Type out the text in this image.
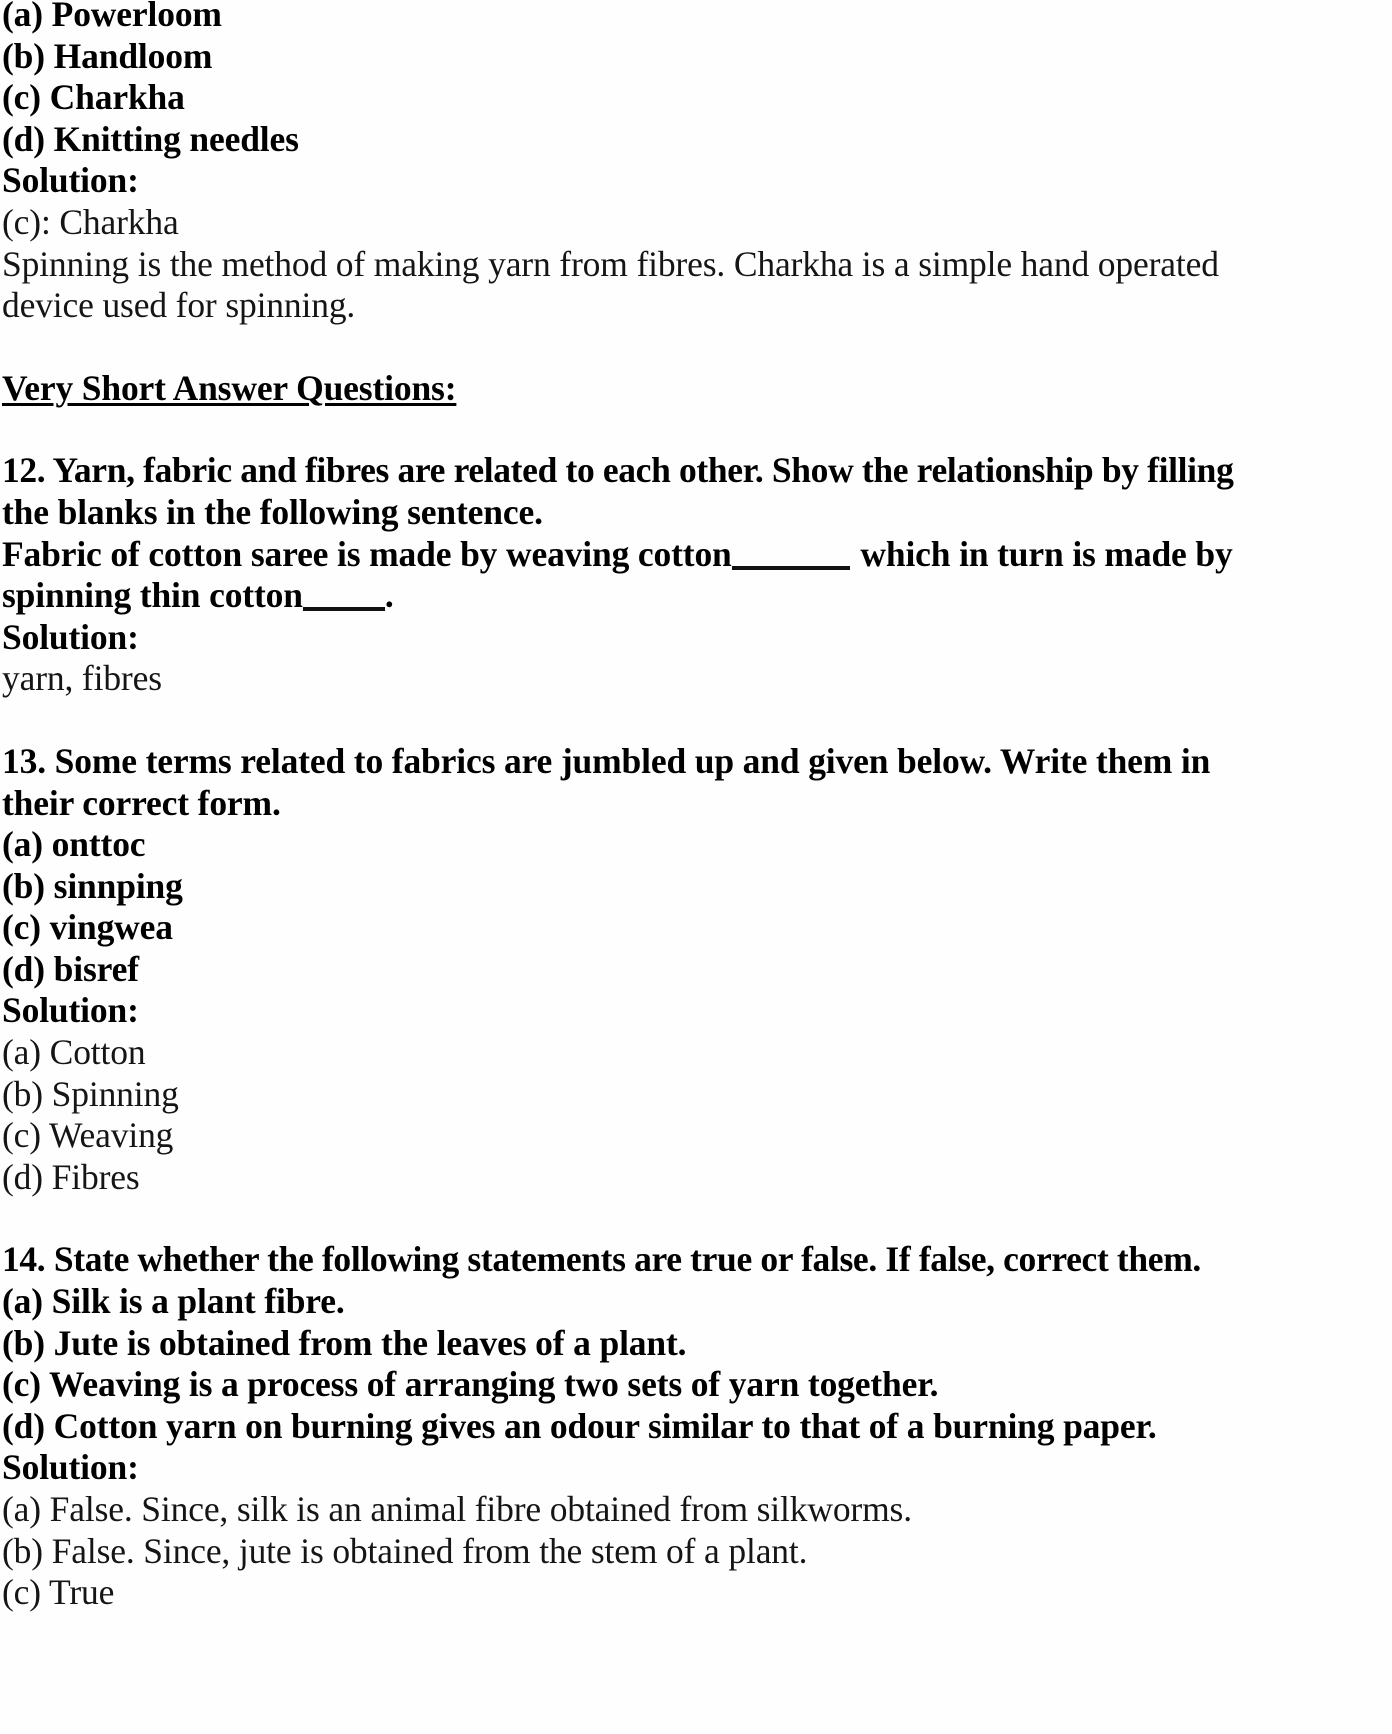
(a) Powerloom
(b) Handloom
(c) Charkha
(d) Knitting needles
Solution:
(c): Charkha
Spinning is the method of making yarn from fibres. Charkha is a simple hand operated
device used for spinning.
Very Short Answer Questions:
12. Yarn, fabric and fibres are related to each other. Show the relationship by filling
the blanks in the following sentence.
Fabric of cotton saree is made by weaving cotton	which in turn is made by
spinning thin cotton .
Solution:
yarn, fibres
13. Some terms related to fabrics are jumbled up and given below. Write them in
their correct form.
(a) onttoc
(b) sinnping
(c) vingwea
(d) bisref
Solution:
(a) Cotton
(b) Spinning
(c) Weaving
(d) Fibres
14. State whether the following statements are true or false. If false, correct them.
(a) Silk is a plant fibre.
(b) Jute is obtained from the leaves of a plant.
(c) Weaving is a process of arranging two sets of yarn together.
(d) Cotton yarn on burning gives an odour similar to that of a burning paper.
Solution:
(a) False. Since, silk is an animal fibre obtained from silkworms.
(b) False. Since, jute is obtained from the stem of a plant.
(c) True
